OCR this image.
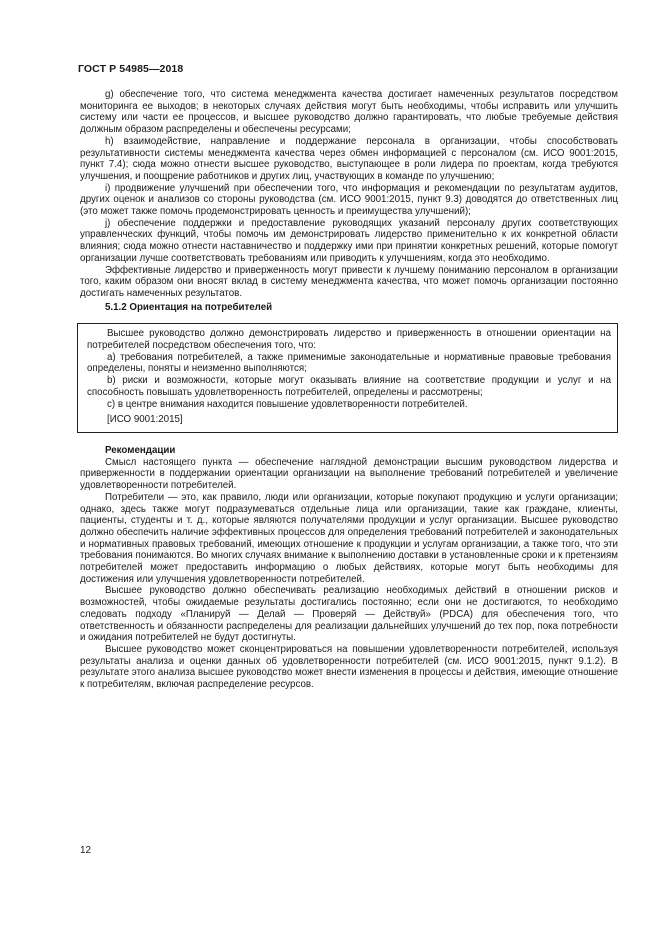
ГОСТ Р 54985—2018

g) обеспечение того, что система менеджмента качества достигает намеченных результатов посредством мониторинга ее выходов; в некоторых случаях действия могут быть необходимы, чтобы исправить или улучшить систему или части ее процессов, и высшее руководство должно гарантировать, что любые требуемые действия должным образом распределены и обеспечены ресурсами;

h) взаимодействие, направление и поддержание персонала в организации, чтобы способствовать результативности системы менеджмента качества через обмен информацией с персоналом (см. ИСО 9001:2015, пункт 7.4); сюда можно отнести высшее руководство, выступающее в роли лидера по проектам, когда требуются улучшения, и поощрение работников и других лиц, участвующих в команде по улучшению;

i) продвижение улучшений при обеспечении того, что информация и рекомендации по результатам аудитов, других оценок и анализов со стороны руководства (см. ИСО 9001:2015, пункт 9.3) доводятся до ответственных лиц (это может также помочь продемонстрировать ценность и преимущества улучшений);

j) обеспечение поддержки и предоставление руководящих указаний персоналу других соответствующих управленческих функций, чтобы помочь им демонстрировать лидерство применительно к их конкретной области влияния; сюда можно отнести наставничество и поддержку ими при принятии конкретных решений, которые помогут организации лучше соответствовать требованиям или приводить к улучшениям, когда это необходимо.

Эффективные лидерство и приверженность могут привести к лучшему пониманию персоналом в организации того, каким образом они вносят вклад в систему менеджмента качества, что может помочь организации постоянно достигать намеченных результатов.

5.1.2 Ориентация на потребителей

Высшее руководство должно демонстрировать лидерство и приверженность в отношении ориентации на потребителей посредством обеспечения того, что:

a) требования потребителей, а также применимые законодательные и нормативные правовые требования определены, поняты и неизменно выполняются;

b) риски и возможности, которые могут оказывать влияние на соответствие продукции и услуг и на способность повышать удовлетворенность потребителей, определены и рассмотрены;

c) в центре внимания находится повышение удовлетворенности потребителей.

[ИСО 9001:2015]

Рекомендации

Смысл настоящего пункта — обеспечение наглядной демонстрации высшим руководством лидерства и приверженности в поддержании ориентации организации на выполнение требований потребителей и увеличение удовлетворенности потребителей.

Потребители — это, как правило, люди или организации, которые покупают продукцию и услуги организации; однако, здесь также могут подразумеваться отдельные лица или организации, такие как граждане, клиенты, пациенты, студенты и т. д., которые являются получателями продукции и услуг организации. Высшее руководство должно обеспечить наличие эффективных процессов для определения требований потребителей и законодательных и нормативных правовых требований, имеющих отношение к продукции и услугам организации, а также того, что эти требования понимаются. Во многих случаях внимание к выполнению доставки в установленные сроки и к претензиям потребителей может предоставить информацию о любых действиях, которые могут быть необходимы для достижения или улучшения удовлетворенности потребителей.

Высшее руководство должно обеспечивать реализацию необходимых действий в отношении рисков и возможностей, чтобы ожидаемые результаты достигались постоянно; если они не достигаются, то необходимо следовать подходу «Планируй — Делай — Проверяй — Действуй» (PDCA) для обеспечения того, что ответственность и обязанности распределены для реализации дальнейших улучшений до тех пор, пока потребности и ожидания потребителей не будут достигнуты.

Высшее руководство может сконцентрироваться на повышении удовлетворенности потребителей, используя результаты анализа и оценки данных об удовлетворенности потребителей (см. ИСО 9001:2015, пункт 9.1.2). В результате этого анализа высшее руководство может внести изменения в процессы и действия, имеющие отношение к потребителям, включая распределение ресурсов.

12
